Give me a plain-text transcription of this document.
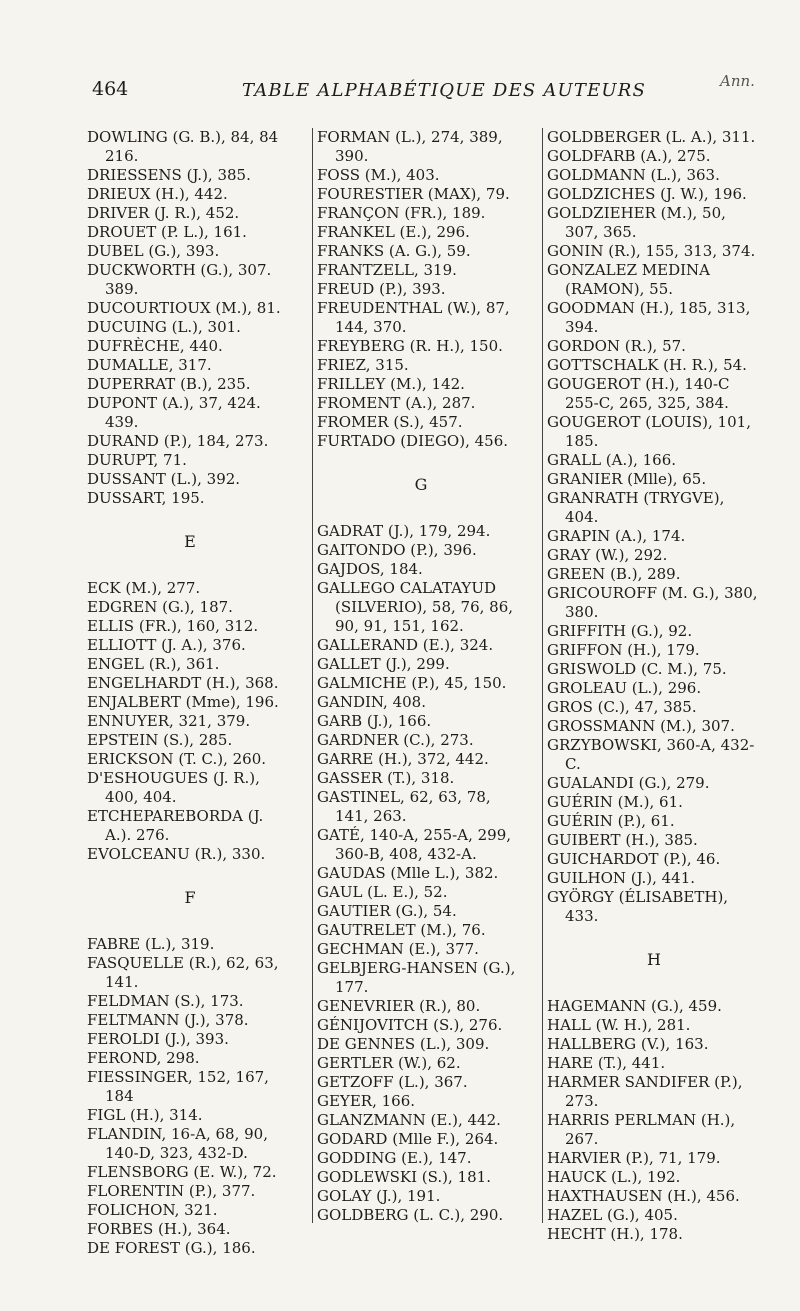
464	TABLE ALPHABÉTIQUE DES AUTEURS	Ann.
DOWLING (G. B.), 84, 84 216.
DRIESSENS (J.), 385.
DRIEUX (H.), 442.
DRIVER (J. R.), 452.
DROUET (P. L.), 161.
DUBEL (G.), 393.
DUCKWORTH (G.), 307. 389.
DUCOURTIOUX (M.), 81.
DUCUING (L.), 301.
DUFRÈCHE, 440.
DUMALLE, 317.
DUPERRAT (B.), 235.
DUPONT (A.), 37, 424. 439.
DURAND (P.), 184, 273.
DURUPT, 71.
DUSSANT (L.), 392.
DUSSART, 195.
E
ECK (M.), 277.
EDGREN (G.), 187.
ELLIS (FR.), 160, 312.
ELLIOTT (J. A.), 376.
ENGEL (R.), 361.
ENGELHARDT (H.), 368.
ENJALBERT (Mme), 196.
ENNUYER, 321, 379.
EPSTEIN (S.), 285.
ERICKSON (T. C.), 260.
D'ESHOUGUES (J. R.), 400, 404.
ETCHEPAREBORDA (J. A.). 276.
EVOLCEANU (R.), 330.
F
FABRE (L.), 319.
FASQUELLE (R.), 62, 63, 141.
FELDMAN (S.), 173.
FELTMANN (J.), 378.
FEROLDI (J.), 393.
FEROND, 298.
FIESSINGER, 152, 167, 184
FIGL (H.), 314.
FLANDIN, 16-A, 68, 90, 140-D, 323, 432-D.
FLENSBORG (E. W.), 72.
FLORENTIN (P.), 377.
FOLICHON, 321.
FORBES (H.), 364.
DE FOREST (G.), 186.
FORMAN (L.), 274, 389, 390.
FOSS (M.), 403.
FOURESTIER (MAX), 79.
FRANÇON (FR.), 189.
FRANKEL (E.), 296.
FRANKS (A. G.), 59.
FRANTZELL, 319.
FREUD (P.), 393.
FREUDENTHAL (W.), 87, 144, 370.
FREYBERG (R. H.), 150.
FRIEZ, 315.
FRILLEY (M.), 142.
FROMENT (A.), 287.
FROMER (S.), 457.
FURTADO (DIEGO), 456.
G
GADRAT (J.), 179, 294.
GAITONDO (P.), 396.
GAJDOS, 184.
GALLEGO CALATAYUD (SILVERIO), 58, 76, 86, 90, 91, 151, 162.
GALLERAND (E.), 324.
GALLET (J.), 299.
GALMICHE (P.), 45, 150.
GANDIN, 408.
GARB (J.), 166.
GARDNER (C.), 273.
GARRE (H.), 372, 442.
GASSER (T.), 318.
GASTINEL, 62, 63, 78, 141, 263.
GATÉ, 140-A, 255-A, 299, 360-B, 408, 432-A.
GAUDAS (Mlle L.), 382.
GAUL (L. E.), 52.
GAUTIER (G.), 54.
GAUTRELET (M.), 76.
GECHMAN (E.), 377.
GELBJERG-HANSEN (G.), 177.
GENEVRIER (R.), 80.
GÉNIJOVITCH (S.), 276.
DE GENNES (L.), 309.
GERTLER (W.), 62.
GETZOFF (L.), 367.
GEYER, 166.
GLANZMANN (E.), 442.
GODARD (Mlle F.), 264.
GODDING (E.), 147.
GODLEWSKI (S.), 181.
GOLAY (J.), 191.
GOLDBERG (L. C.), 290.
GOLDBERGER (L. A.), 311.
GOLDFARB (A.), 275.
GOLDMANN (L.), 363.
GOLDZICHES (J. W.), 196.
GOLDZIEHER (M.), 50, 307, 365.
GONIN (R.), 155, 313, 374.
GONZALEZ MEDINA (RAMON), 55.
GOODMAN (H.), 185, 313, 394.
GORDON (R.), 57.
GOTTSCHALK (H. R.), 54.
GOUGEROT (H.), 140-C 255-C, 265, 325, 384.
GOUGEROT (LOUIS), 101, 185.
GRALL (A.), 166.
GRANIER (Mlle), 65.
GRANRATH (TRYGVE), 404.
GRAPIN (A.), 174.
GRAY (W.), 292.
GREEN (B.), 289.
GRICOUROFF (M. G.), 380, 380.
GRIFFITH (G.), 92.
GRIFFON (H.), 179.
GRISWOLD (C. M.), 75.
GROLEAU (L.), 296.
GROS (C.), 47, 385.
GROSSMANN (M.), 307.
GRZYBOWSKI, 360-A, 432-C.
GUALANDI (G.), 279.
GUÉRIN (M.), 61.
GUÉRIN (P.), 61.
GUIBERT (H.), 385.
GUICHARDOT (P.), 46.
GUILHON (J.), 441.
GYÖRGY (ÉLISABETH), 433.
H
HAGEMANN (G.), 459.
HALL (W. H.), 281.
HALLBERG (V.), 163.
HARE (T.), 441.
HARMER SANDIFER (P.), 273.
HARRIS PERLMAN (H.), 267.
HARVIER (P.), 71, 179.
HAUCK (L.), 192.
HAXTHAUSEN (H.), 456.
HAZEL (G.), 405.
HECHT (H.), 178.
